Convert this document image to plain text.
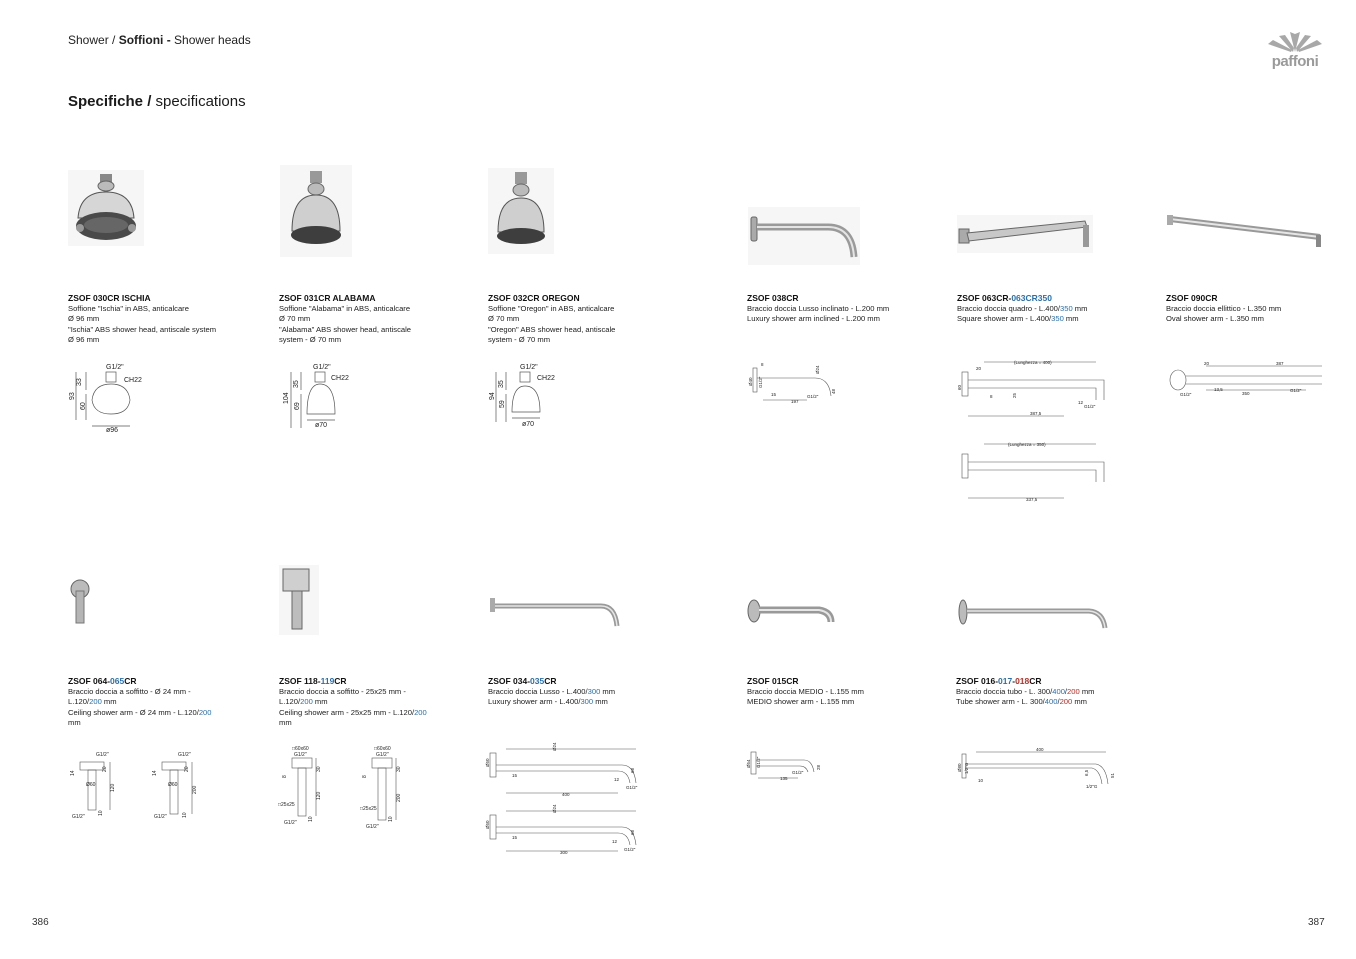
Shower / Soffioni - Shower heads
Specifiche / specifications
paffoni
386	387
ZSOF 030CR ISCHIA
Soffione "Ischia" in ABS, anticalcare
Ø 96 mm
"Ischia" ABS shower head, antiscale system
Ø 96 mm
ZSOF 031CR ALABAMA
Soffione "Alabama" in ABS, anticalcare
Ø 70 mm
"Alabama" ABS shower head, antiscale
system - Ø 70 mm
ZSOF 032CR OREGON
Soffione "Oregon" in ABS, anticalcare
Ø 70 mm
"Oregon" ABS shower head, antiscale
system - Ø 70 mm
ZSOF 038CR
Braccio doccia Lusso inclinato - L.200 mm
Luxury shower arm inclined - L.200 mm
ZSOF 063CR-063CR350
Braccio doccia quadro - L.400/350 mm
Square shower arm - L.400/350 mm
ZSOF 090CR
Braccio doccia ellittico - L.350 mm
Oval shower arm - L.350 mm
G1/2"
CH22
33
93
60
ø96
G1/2"
CH22
35
104
69
ø70
G1/2"
CH22
35
94
59
ø70
8
Ø40 G1/2"
15
197
G1/2"
48
Ø24
(Lunghezza = 400)
387,5
(Lunghezza = 350)
337,5
G1/2"
20
25
60
8
12
20	387
G1/2"	350
G1/2"
13,5
ZSOF 064-065CR
Braccio doccia a soffitto - Ø 24 mm -
L.120/200 mm
Ceiling shower arm - Ø 24 mm - L.120/200
mm
ZSOF 118-119CR
Braccio doccia a soffitto - 25x25 mm -
L.120/200 mm
Ceiling shower arm - 25x25 mm - L.120/200
mm
ZSOF 034-035CR
Braccio doccia Lusso - L.400/300 mm
Luxury shower arm - L.400/300 mm
ZSOF 015CR
Braccio doccia MEDIO - L.155 mm
MEDIO shower arm - L.155 mm
ZSOF 016-017-018CR
Braccio doccia tubo - L. 300/400/200 mm
Tube shower arm - L. 300/400/200 mm
G1/2"
20
14
Ø60	120
10
G1/2"
G1/2"
20
14
Ø60
200
10
G1/2"
□60x60
G1/2"
30
8
120
□25x25
10
G1/2"
□60x60
G1/2"
30
8
200
□25x25
10
G1/2"
Ø24
Ø50
15
400
12
68
G1/2"
Ø24
Ø50
15
300
12
68
G1/2"
Ø54 G1/2"
135
G1/2"
28
400
Ø80 1/2"G
10
6,5
1/2"G
51
